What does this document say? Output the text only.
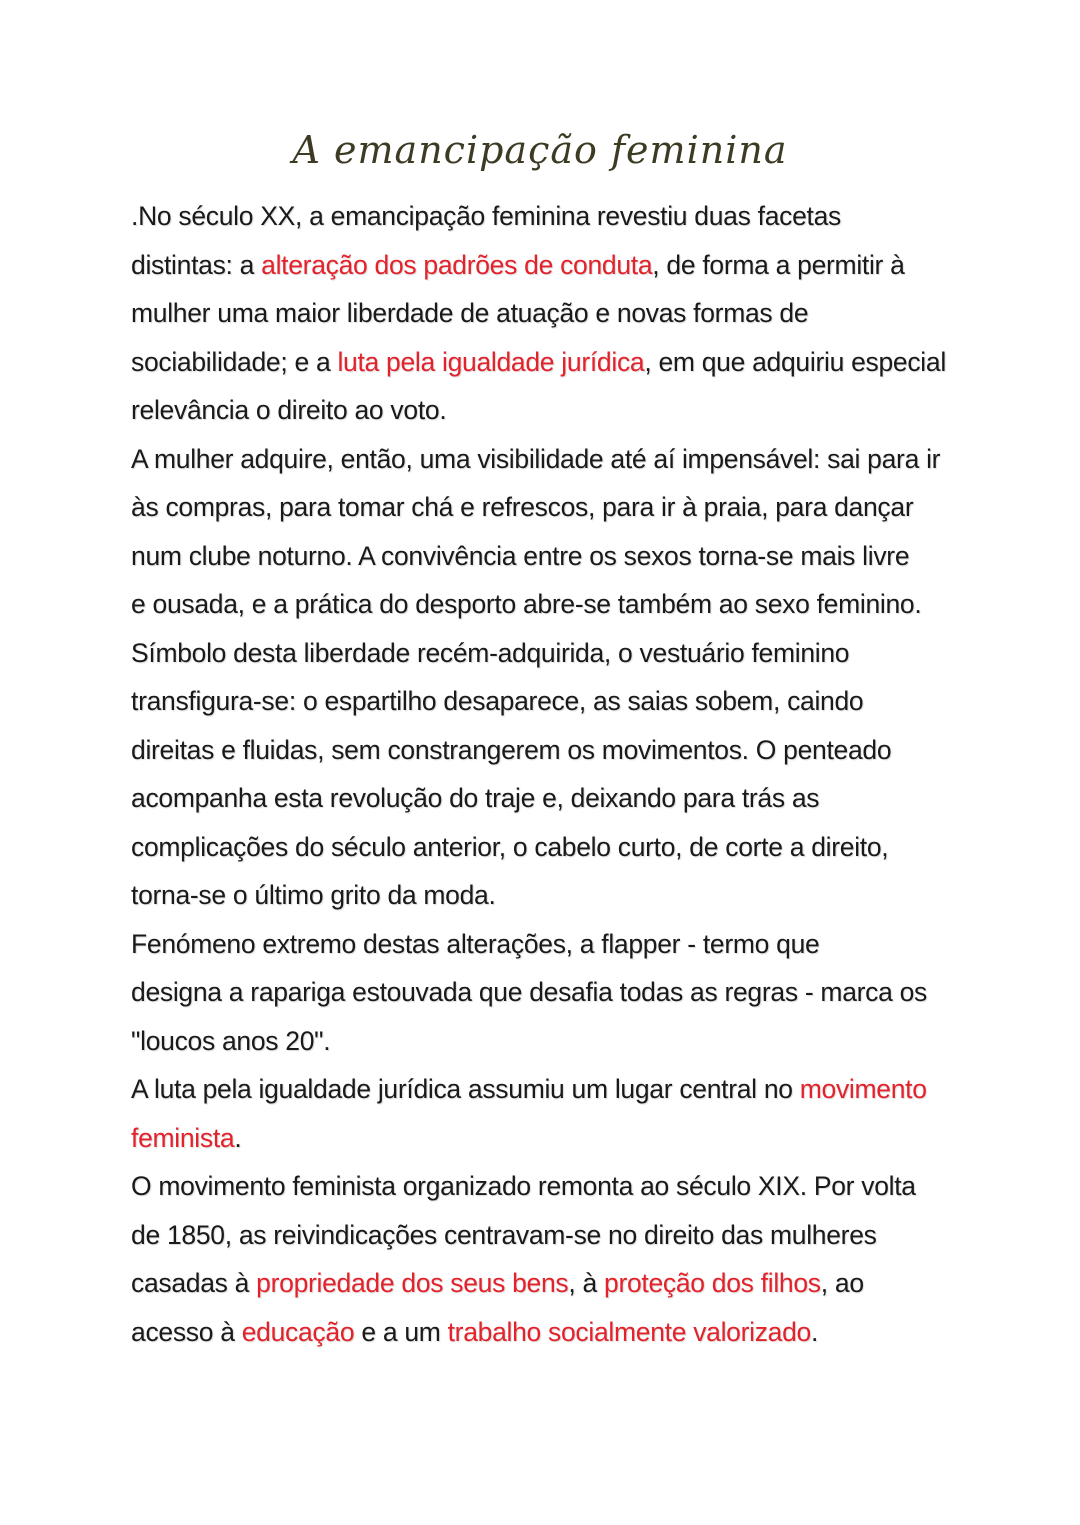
A emancipação feminina
.No século XX, a emancipação feminina revestiu duas facetas
distintas: a alteração dos padrões de conduta, de forma a permitir à
mulher uma maior liberdade de atuação e novas formas de
sociabilidade; e a luta pela igualdade jurídica, em que adquiriu especial
relevância o direito ao voto.
A mulher adquire, então, uma visibilidade até aí impensável: sai para ir
às compras, para tomar chá e refrescos, para ir à praia, para dançar
num clube noturno. A convivência entre os sexos torna-se mais livre
e ousada, e a prática do desporto abre-se também ao sexo feminino.
Símbolo desta liberdade recém-adquirida, o vestuário feminino
transfigura-se: o espartilho desaparece, as saias sobem, caindo
direitas e fluidas, sem constrangerem os movimentos. O penteado
acompanha esta revolução do traje e, deixando para trás as
complicações do século anterior, o cabelo curto, de corte a direito,
torna-se o último grito da moda.
Fenómeno extremo destas alterações, a flapper - termo que
designa a rapariga estouvada que desafia todas as regras - marca os
"loucos anos 20".
A luta pela igualdade jurídica assumiu um lugar central no movimento
feminista.
O movimento feminista organizado remonta ao século XIX. Por volta
de 1850, as reivindicações centravam-se no direito das mulheres
casadas à propriedade dos seus bens, à proteção dos filhos, ao
acesso à educação e a um trabalho socialmente valorizado.
